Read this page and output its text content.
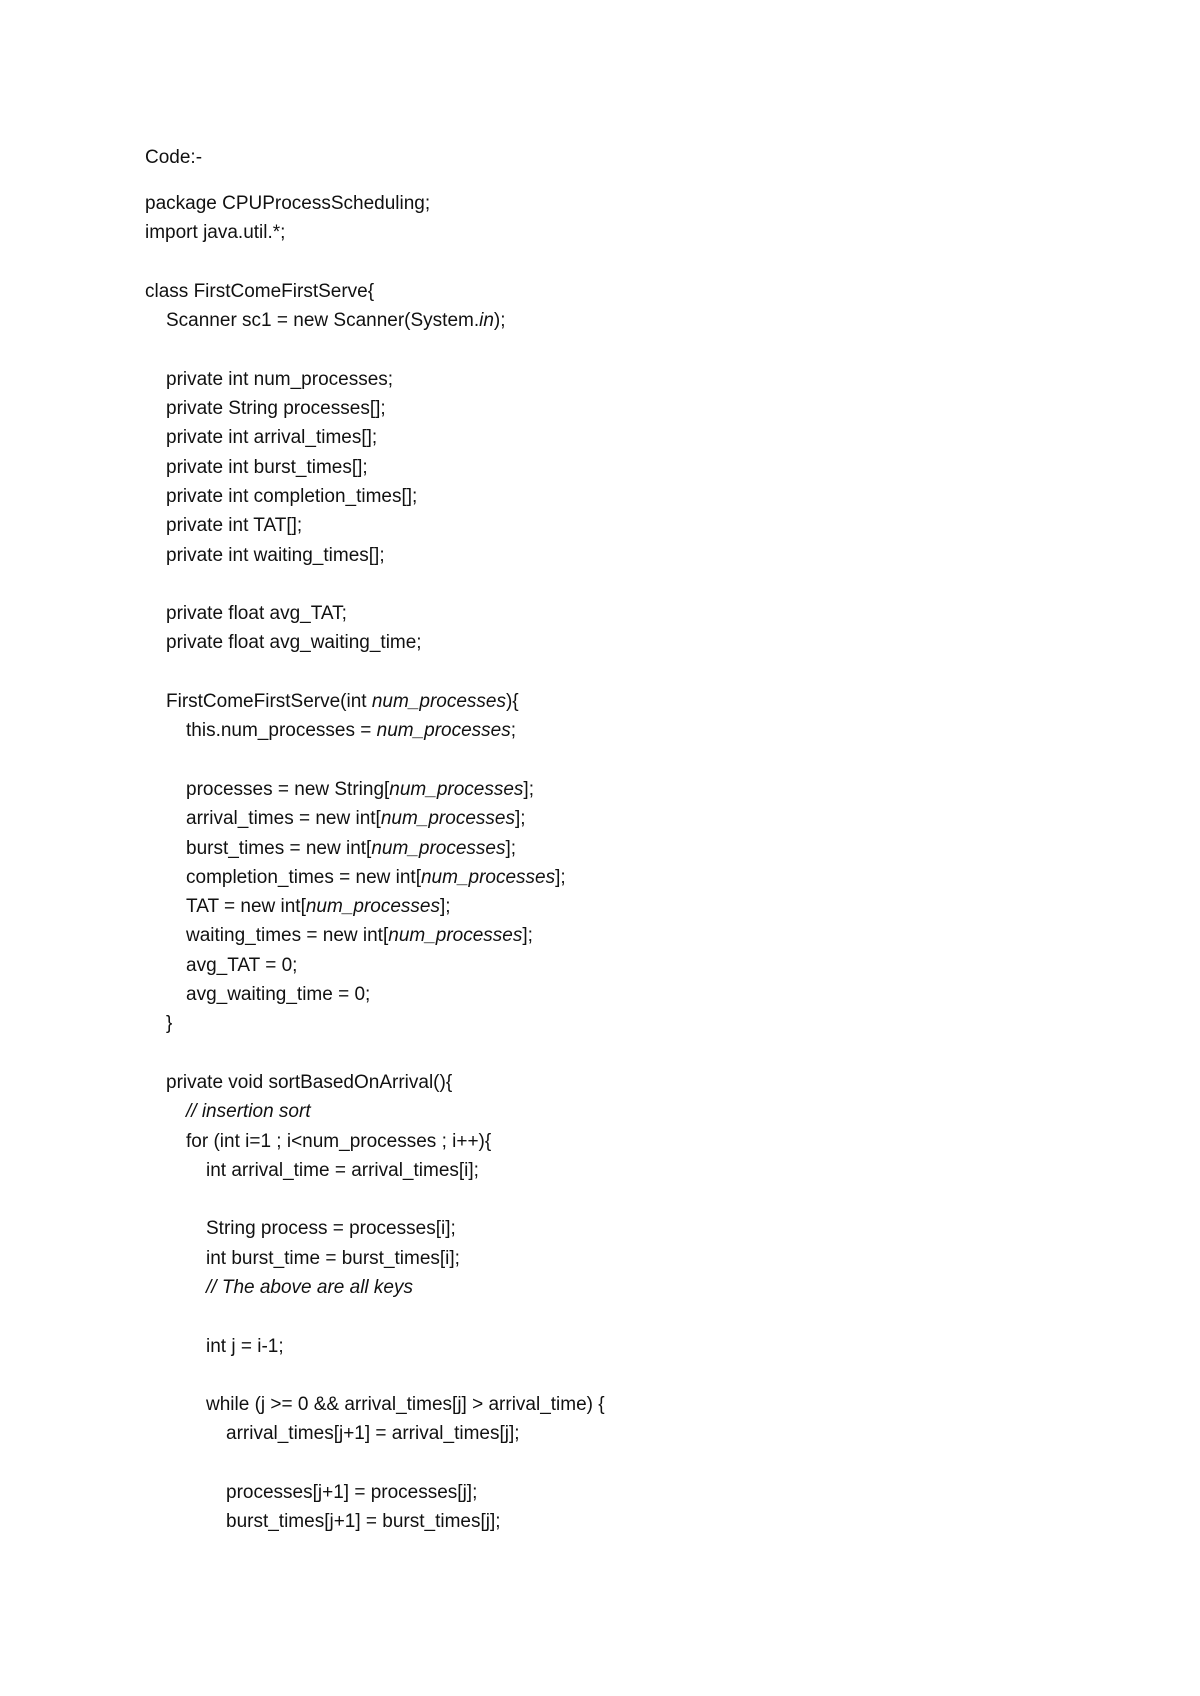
Code:-
package CPUProcessScheduling;
import java.util.*;
class FirstComeFirstServe{
Scanner sc1 = new Scanner(System.in);
private int num_processes;
private String processes[];
private int arrival_times[];
private int burst_times[];
private int completion_times[];
private int TAT[];
private int waiting_times[];
private float avg_TAT;
private float avg_waiting_time;
FirstComeFirstServe(int num_processes){
this.num_processes = num_processes;
processes = new String[num_processes];
arrival_times = new int[num_processes];
burst_times = new int[num_processes];
completion_times = new int[num_processes];
TAT = new int[num_processes];
waiting_times = new int[num_processes];
avg_TAT = 0;
avg_waiting_time = 0;
}
private void sortBasedOnArrival(){
// insertion sort
for (int i=1 ; i<num_processes ; i++){
int arrival_time = arrival_times[i];
String process = processes[i];
int burst_time = burst_times[i];
// The above are all keys
int j = i-1;
while (j >= 0 && arrival_times[j] > arrival_time) {
arrival_times[j+1] = arrival_times[j];
processes[j+1] = processes[j];
burst_times[j+1] = burst_times[j];
